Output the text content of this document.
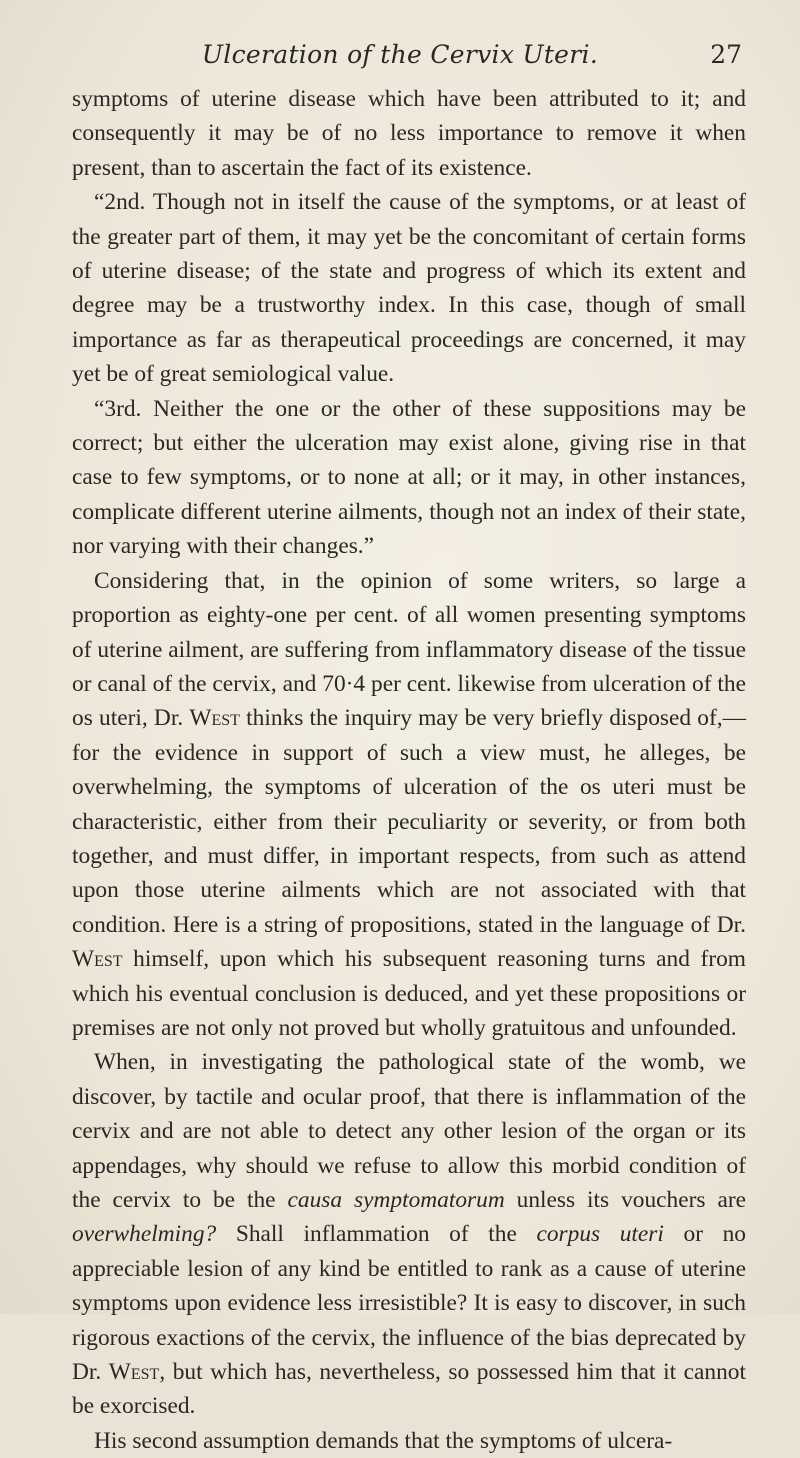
Ulceration of the Cervix Uteri.	27

symptoms of uterine disease which have been attributed to it; and consequently it may be of no less importance to remove it when present, than to ascertain the fact of its existence.

“2nd. Though not in itself the cause of the symptoms, or at least of the greater part of them, it may yet be the concomitant of certain forms of uterine disease; of the state and progress of which its extent and degree may be a trustworthy index. In this case, though of small importance as far as therapeutical proceedings are concerned, it may yet be of great semiological value.

“3rd. Neither the one or the other of these suppositions may be correct; but either the ulceration may exist alone, giving rise in that case to few symptoms, or to none at all; or it may, in other instances, complicate different uterine ailments, though not an index of their state, nor varying with their changes.”

Considering that, in the opinion of some writers, so large a proportion as eighty-one per cent. of all women presenting symptoms of uterine ailment, are suffering from inflammatory disease of the tissue or canal of the cervix, and 70·4 per cent. likewise from ulceration of the os uteri, Dr. West thinks the inquiry may be very briefly disposed of,—for the evidence in support of such a view must, he alleges, be overwhelming, the symptoms of ulceration of the os uteri must be characteristic, either from their peculiarity or severity, or from both together, and must differ, in important respects, from such as attend upon those uterine ailments which are not associated with that condition. Here is a string of propositions, stated in the language of Dr. West himself, upon which his subsequent reasoning turns and from which his eventual conclusion is deduced, and yet these propositions or premises are not only not proved but wholly gratuitous and unfounded.

When, in investigating the pathological state of the womb, we discover, by tactile and ocular proof, that there is inflammation of the cervix and are not able to detect any other lesion of the organ or its appendages, why should we refuse to allow this morbid condition of the cervix to be the causa symptomatorum unless its vouchers are overwhelming? Shall inflammation of the corpus uteri or no appreciable lesion of any kind be entitled to rank as a cause of uterine symptoms upon evidence less irresistible? It is easy to discover, in such rigorous exactions of the cervix, the influence of the bias deprecated by Dr. West, but which has, nevertheless, so possessed him that it cannot be exorcised.

His second assumption demands that the symptoms of ulcera-
